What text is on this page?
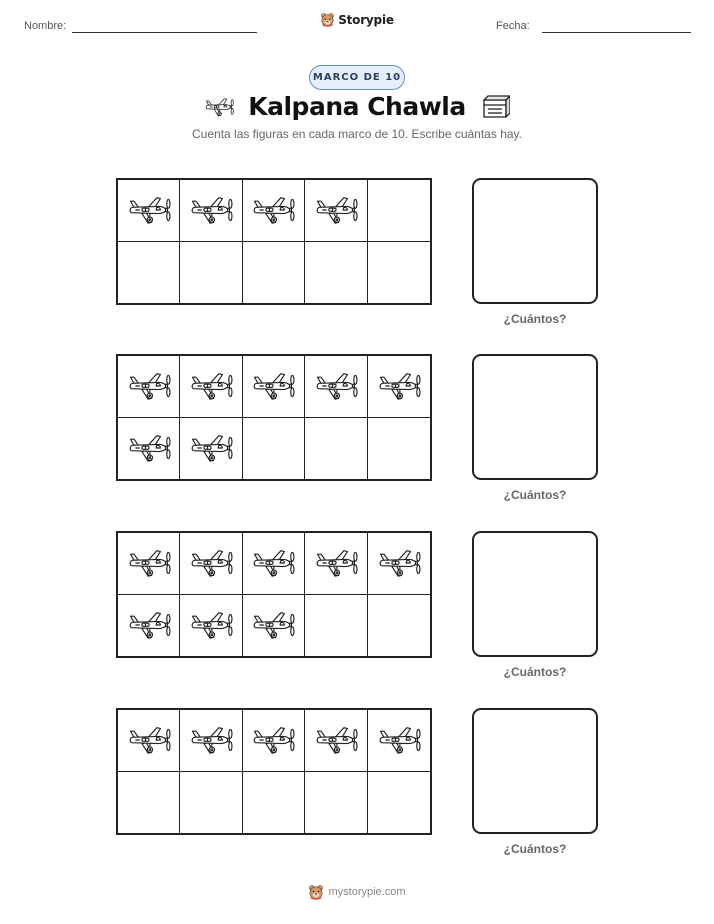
Nombre:	Storypie	Fecha:
MARCO DE 10
Kalpana Chawla
Cuenta las figuras en cada marco de 10. Escribe cuántas hay.
¿Cuántos?
¿Cuántos?
¿Cuántos?
¿Cuántos?
mystorypie.com
